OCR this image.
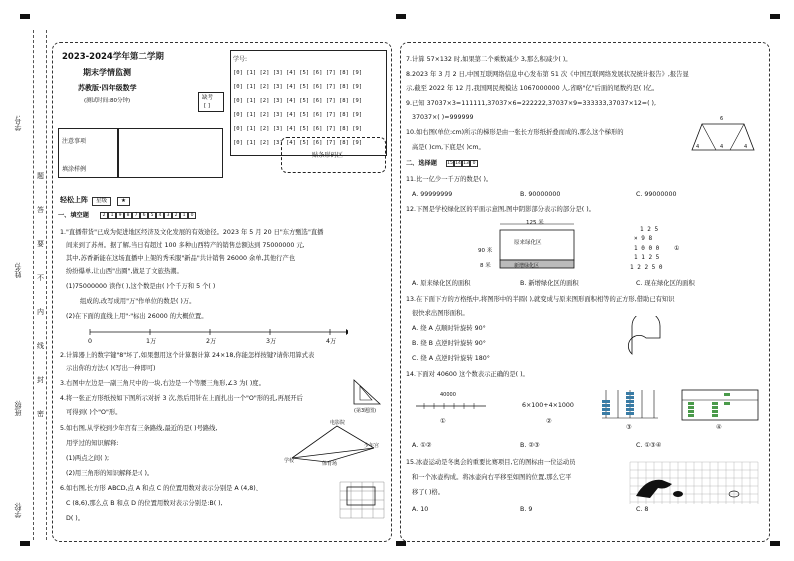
学校:
班级:
姓名:
学号:
题
答
要
不
内
线
封
密
2023-2024学年第二学期
期末学情监测
苏教版·四年级数学
(测试时间:80分钟)
学号:
[0] [1] [2] [3] [4] [5] [6] [7] [8] [9]
[0] [1] [2] [3] [4] [5] [6] [7] [8] [9]
[0] [1] [2] [3] [4] [5] [6] [7] [8] [9]
[0] [1] [2] [3] [4] [5] [6] [7] [8] [9]
[0] [1] [2] [3] [4] [5] [6] [7] [8] [9]
[0] [1] [2] [3] [4] [5] [6] [7] [8] [9]
缺考
[ ]
注意事项
填涂样例
贴条形码区
轻松上阵 星级	★
一、填空题	2 1 9 8 7 6 5 4 3 2 1 0
1."直播带货"已成为促进地区经济及文化发展的有效途径。2023 年 5 月 20 日"东方甄选"直播
间来到了苏州。据了解,当日有超过 100 多种山西特产的销售总额达到 75000000 元,
其中,苏香新能在这场直播中上架的秀禾服"新品"共计销售 26000 余单,其他行产也
纷纷爆单,让山西"出圈",做足了文旅热潮。
(1)75000000 读作( ),这个数是由( )个千万和 5 个( )
组成的,改写成用"万"作单位的数是( )万。
(2)在下面的直线上用"·"标出 26000 的大概位置。
0	1万	2万	3万	4万
2.计算器上的数字键"8"坏了,如果想用这个计算器计算 24×18,你能怎样按键?请你用算式表
示出你的方法:( )(写出一种即可)
3.右图中左边是一副三角尺中的一块,右边是一个等腰三角形,∠3 为( )度。
(第3题图)
4.将一张正方形纸按如下图所示对折 3 次,然后用针在上面扎出一个"O"形的孔,再展开后
可得到( )个"O"形。
5.如右图,从学校到少年宫有三条路线,最近的是( )号路线,
用学过的知识解释:
(1)两点之间( );
(2)用三角形的知识解释是:( )。
学校
电影院
少年宫
体育场
6.如右图,长方形 ABCD,点 A 和点 C 的位置用数对表示分别是 A (4,8)、
C (8,6),那么点 B 和点 D 的位置用数对表示分别是:B( ),
D( )。
7.计算 57×132 时,如果第二个乘数减少 3,那么积减少( )。
8.2023 年 3 月 2 日,中国互联网络信息中心发布第 51 次《中国互联网络发展状况统计报告》,报告显
示,截至 2022 年 12 月,我国网民规模达 1067000000 人,省略"亿"后面的尾数约是( )亿。
9.已知 37037×3=111111,37037×6=222222,37037×9=333333,37037×12=( ),
37037×( )=999999
10.如右图(单位:cm)所示的梯形是由一张长方形纸折叠而成的,那么这个梯形的
高是( )cm,下底是( )cm。
6
4	4	4
二、选择题 15 14 13 0
11.比一亿少一千万的数是( )。
A. 99999999	B. 90000000	C. 99000000
12.下图是学校绿化区的平面示意图,图中阴影部分表示的部分是( )。
125 米
90 米
8 米
原来绿化区
新增绿化区
1 2 5
× 9 8
1 0 0 0
1 1 2 5
1 2 2 5 0
①
A. 原来绿化区的面积	B. 新增绿化区的面积	C. 现在绿化区的面积
13.在下面下方的方格纸中,将图形中的半圆( ),就变成与原来图形面积相等的正方形,借助已有知识
很快求出图形面积。
A. 绕 A 点顺时针旋转 90°
B. 绕 B 点逆时针旋转 90°
C. 绕 A 点逆时针旋转 180°
14.下面对 40600 这个数表示正确的是( )。
40000
6×100+4×1000
①	②
③	④
A. ①②	B. ②③	C. ①③④
15.冰壶运动是冬奥会的重要比赛项目,它的图标由一位运动员
和一个冰壶构成。将冰壶向右平移至如图的位置,那么它平
移了( )格。
A. 10	B. 9	C. 8
